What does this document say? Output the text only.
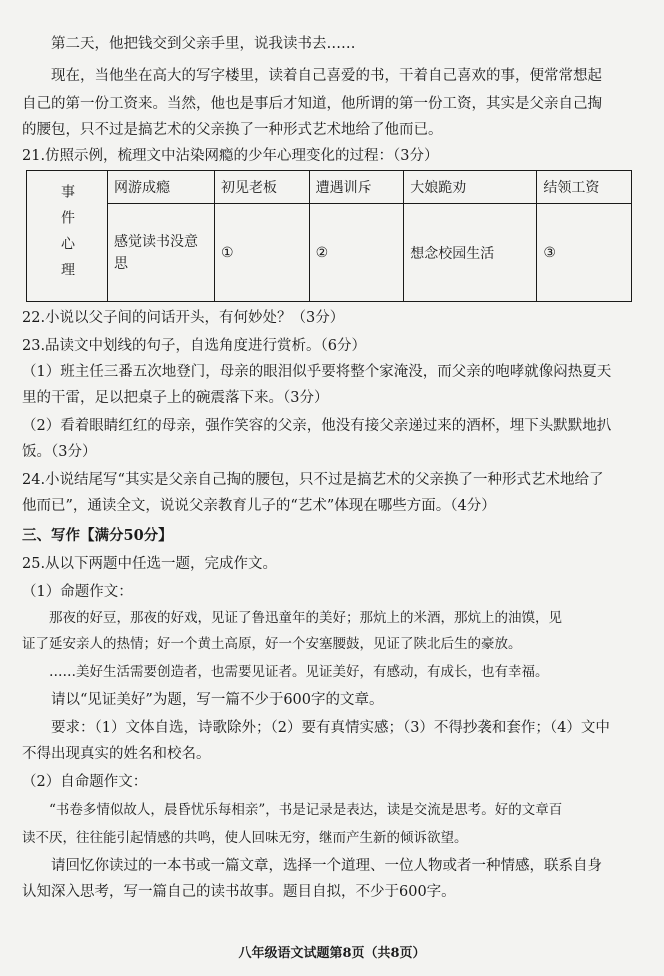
　　第二天，他把钱交到父亲手里，说我读书去……
　　现在，当他坐在高大的写字楼里，读着自己喜爱的书，干着自己喜欢的事，便常常想起
自己的第一份工资来。当然，他也是事后才知道，他所谓的第一份工资，其实是父亲自己掏
的腰包，只不过是搞艺术的父亲换了一种形式艺术地给了他而已。
21.仿照示例，梳理文中沾染网瘾的少年心理变化的过程：（3分）
事件心理	网游成瘾	初见老板	遭遇训斥	大娘跪劝	结领工资
	感觉读书没意思	①	②	想念校园生活	③
22.小说以父子间的问话开头，有何妙处？（3分）
23.品读文中划线的句子，自选角度进行赏析。（6分）
（1）班主任三番五次地登门，母亲的眼泪似乎要将整个家淹没，而父亲的咆哮就像闷热夏天
里的干雷，足以把桌子上的碗震落下来。（3分）
（2）看着眼睛红红的母亲，强作笑容的父亲，他没有接父亲递过来的酒杯，埋下头默默地扒
饭。（3分）
24.小说结尾写“其实是父亲自己掏的腰包，只不过是搞艺术的父亲换了一种形式艺术地给了
他而已”，通读全文，说说父亲教育儿子的“艺术”体现在哪些方面。（4分）
三、写作【满分50分】
25.从以下两题中任选一题，完成作文。
（1）命题作文：
　　那夜的好豆，那夜的好戏，见证了鲁迅童年的美好；那炕上的米酒，那炕上的油馍，见
证了延安亲人的热情；好一个黄土高原，好一个安塞腰鼓，见证了陕北后生的豪放。
　　……美好生活需要创造者，也需要见证者。见证美好，有感动，有成长，也有幸福。
　　请以“见证美好”为题，写一篇不少于600字的文章。
　　要求：（1）文体自选，诗歌除外；（2）要有真情实感；（3）不得抄袭和套作；（4）文中
不得出现真实的姓名和校名。
（2）自命题作文：
　　“书卷多情似故人，晨昏忧乐每相亲”，书是记录是表达，读是交流是思考。好的文章百
读不厌，往往能引起情感的共鸣，使人回味无穷，继而产生新的倾诉欲望。
　　请回忆你读过的一本书或一篇文章，选择一个道理、一位人物或者一种情感，联系自身
认知深入思考，写一篇自己的读书故事。题目自拟，不少于600字。
八年级语文试题第8页（共8页）
